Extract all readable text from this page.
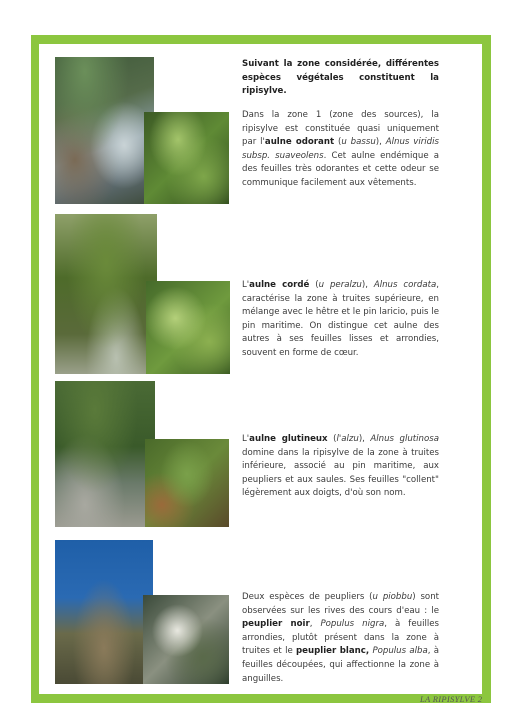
Suivant la zone considérée, différentes espèces végétales constituent la ripisylve.

Dans la zone 1 (zone des sources), la ripisylve est constituée quasi uniquement par l'aulne odorant (u bassu), Alnus viridis subsp. suaveolens. Cet aulne endémique a des feuilles très odorantes et cette odeur se communique facilement aux vêtements.

L'aulne cordé (u peralzu), Alnus cordata, caractérise la zone à truites supérieure, en mélange avec le hêtre et le pin laricio, puis le pin maritime. On distingue cet aulne des autres à ses feuilles lisses et arrondies, souvent en forme de cœur.

L'aulne glutineux (l'alzu), Alnus glutinosa domine dans la ripisylve de la zone à truites inférieure, associé au pin maritime, aux peupliers et aux saules. Ses feuilles "collent" légèrement aux doigts, d'où son nom.

Deux espèces de peupliers (u piobbu) sont observées sur les rives des cours d'eau : le peuplier noir, Populus nigra, à feuilles arrondies, plutôt présent dans la zone à truites et le peuplier blanc, Populus alba, à feuilles découpées, qui affectionne la zone à anguilles.

LA RIPISYLVE 2
